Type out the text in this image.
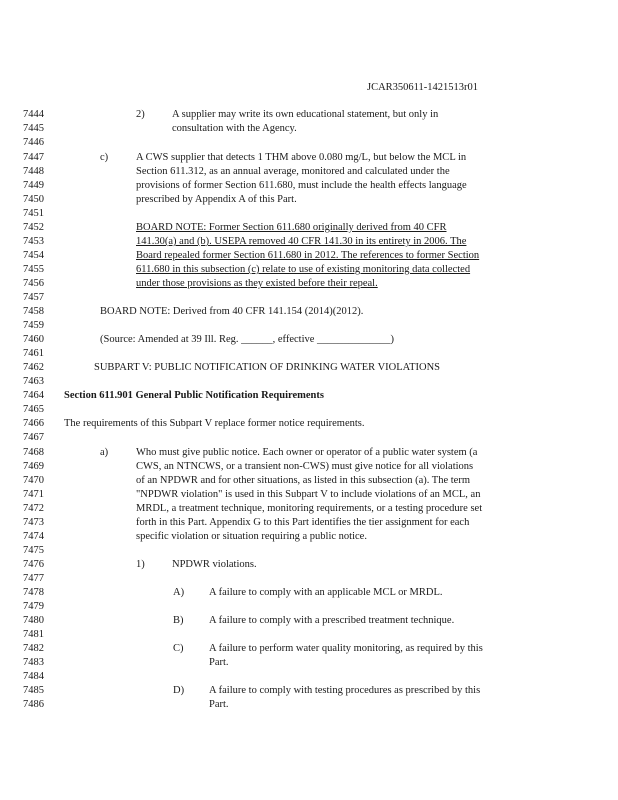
JCAR350611-1421513r01
7444
7445
7446
7447
7448
7449
7450
7451
7452
7453
7454
7455
7456
7457
7458
7459
7460
7461
7462
7463
7464
7465
7466
7467
7468
7469
7470
7471
7472
7473
7474
7475
7476
7477
7478
7479
7480
7481
7482
7483
7484
7485
7486
2)
c)
a)
1)
A)
B)
C)
D)
A supplier may write its own educational statement, but only in
consultation with the Agency.
A CWS supplier that detects 1 THM above 0.080 mg/L, but below the MCL in
Section 611.312, as an annual average, monitored and calculated under the
provisions of former Section 611.680, must include the health effects language
prescribed by Appendix A of this Part.
BOARD NOTE: Former Section 611.680 originally derived from 40 CFR
141.30(a) and (b). USEPA removed 40 CFR 141.30 in its entirety in 2006. The
Board repealed former Section 611.680 in 2012. The references to former Section
611.680 in this subsection (c) relate to use of existing monitoring data collected
under those provisions as they existed before their repeal.
BOARD NOTE: Derived from 40 CFR 141.154 (2014)(2012).
(Source: Amended at 39 Ill. Reg. ______, effective ______________)
SUBPART V: PUBLIC NOTIFICATION OF DRINKING WATER VIOLATIONS
Section 611.901 General Public Notification Requirements
The requirements of this Subpart V replace former notice requirements.
Who must give public notice. Each owner or operator of a public water system (a
CWS, an NTNCWS, or a transient non-CWS) must give notice for all violations
of an NPDWR and for other situations, as listed in this subsection (a). The term
"NPDWR violation" is used in this Subpart V to include violations of an MCL, an
MRDL, a treatment technique, monitoring requirements, or a testing procedure set
forth in this Part. Appendix G to this Part identifies the tier assignment for each
specific violation or situation requiring a public notice.
NPDWR violations.
A failure to comply with an applicable MCL or MRDL.
A failure to comply with a prescribed treatment technique.
A failure to perform water quality monitoring, as required by this
Part.
A failure to comply with testing procedures as prescribed by this
Part.
